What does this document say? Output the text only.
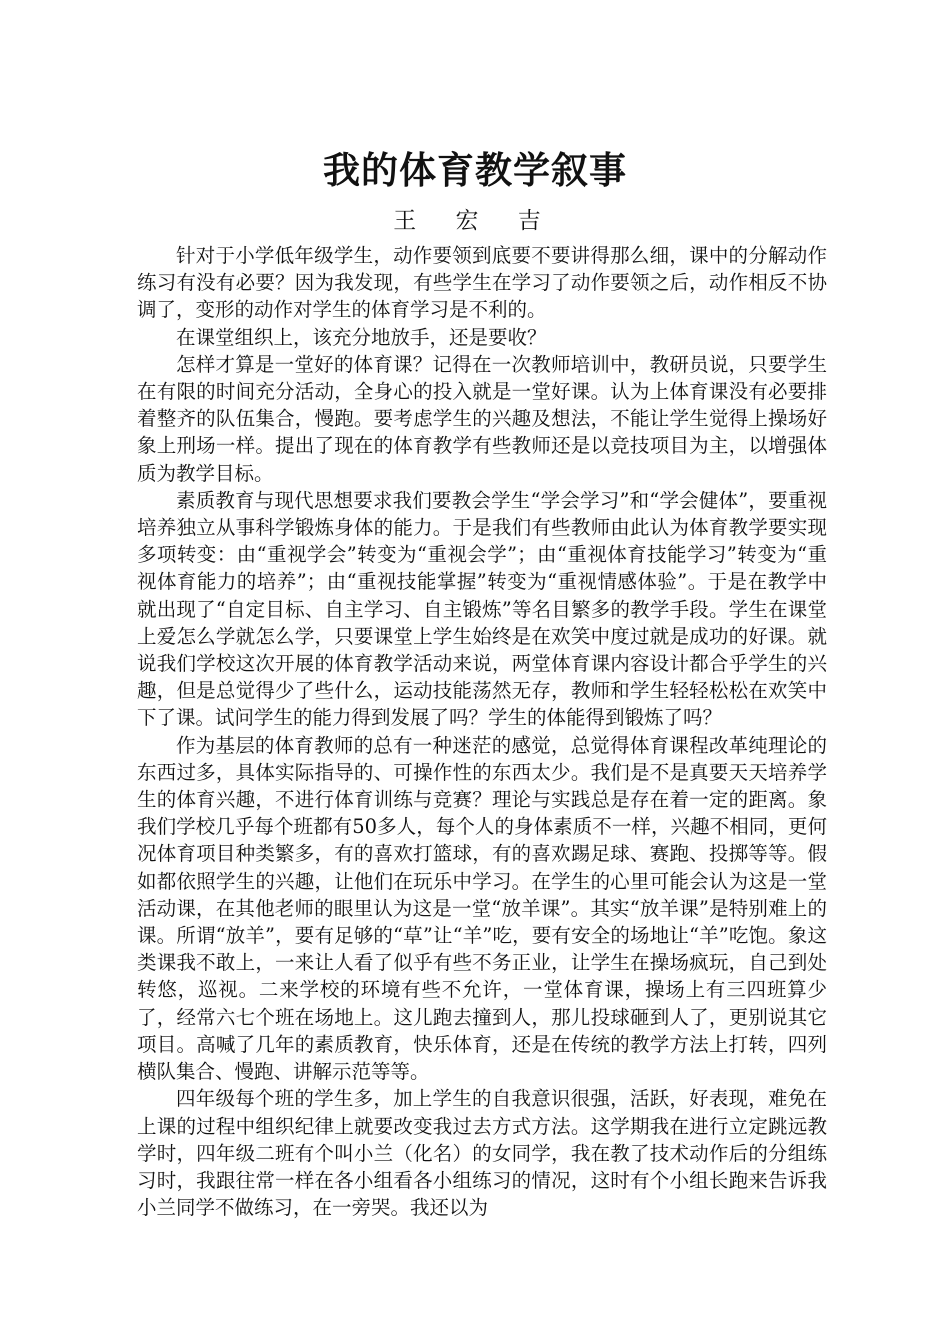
我的体育教学叙事
王 宏 吉

针对于小学低年级学生，动作要领到底要不要讲得那么细，课中的分解动作练习有没有必要？因为我发现，有些学生在学习了动作要领之后，动作相反不协调了，变形的动作对学生的体育学习是不利的。

在课堂组织上，该充分地放手，还是要收？

怎样才算是一堂好的体育课？记得在一次教师培训中，教研员说，只要学生在有限的时间充分活动，全身心的投入就是一堂好课。认为上体育课没有必要排着整齐的队伍集合，慢跑。要考虑学生的兴趣及想法，不能让学生觉得上操场好象上刑场一样。提出了现在的体育教学有些教师还是以竞技项目为主，以增强体质为教学目标。

素质教育与现代思想要求我们要教会学生“学会学习”和“学会健体”，要重视培养独立从事科学锻炼身体的能力。于是我们有些教师由此认为体育教学要实现多项转变：由“重视学会”转变为“重视会学”；由“重视体育技能学习”转变为“重视体育能力的培养”；由“重视技能掌握”转变为“重视情感体验”。于是在教学中就出现了“自定目标、自主学习、自主锻炼”等名目繁多的教学手段。学生在课堂上爱怎么学就怎么学，只要课堂上学生始终是在欢笑中度过就是成功的好课。就说我们学校这次开展的体育教学活动来说，两堂体育课内容设计都合乎学生的兴趣，但是总觉得少了些什么，运动技能荡然无存，教师和学生轻轻松松在欢笑中下了课。试问学生的能力得到发展了吗？学生的体能得到锻炼了吗？

作为基层的体育教师的总有一种迷茫的感觉，总觉得体育课程改革纯理论的东西过多，具体实际指导的、可操作性的东西太少。我们是不是真要天天培养学生的体育兴趣，不进行体育训练与竞赛？理论与实践总是存在着一定的距离。象我们学校几乎每个班都有50多人，每个人的身体素质不一样，兴趣不相同，更何况体育项目种类繁多，有的喜欢打篮球，有的喜欢踢足球、赛跑、投掷等等。假如都依照学生的兴趣，让他们在玩乐中学习。在学生的心里可能会认为这是一堂活动课，在其他老师的眼里认为这是一堂“放羊课”。其实“放羊课”是特别难上的课。所谓“放羊”，要有足够的“草”让“羊”吃，要有安全的场地让“羊”吃饱。象这类课我不敢上，一来让人看了似乎有些不务正业，让学生在操场疯玩，自己到处转悠，巡视。二来学校的环境有些不允许，一堂体育课，操场上有三四班算少了，经常六七个班在场地上。这儿跑去撞到人，那儿投球砸到人了，更别说其它项目。高喊了几年的素质教育，快乐体育，还是在传统的教学方法上打转，四列横队集合、慢跑、讲解示范等等。

四年级每个班的学生多，加上学生的自我意识很强，活跃，好表现，难免在上课的过程中组织纪律上就要改变我过去方式方法。这学期我在进行立定跳远教学时，四年级二班有个叫小兰（化名）的女同学，我在教了技术动作后的分组练习时，我跟往常一样在各小组看各小组练习的情况，这时有个小组长跑来告诉我小兰同学不做练习，在一旁哭。我还以为
